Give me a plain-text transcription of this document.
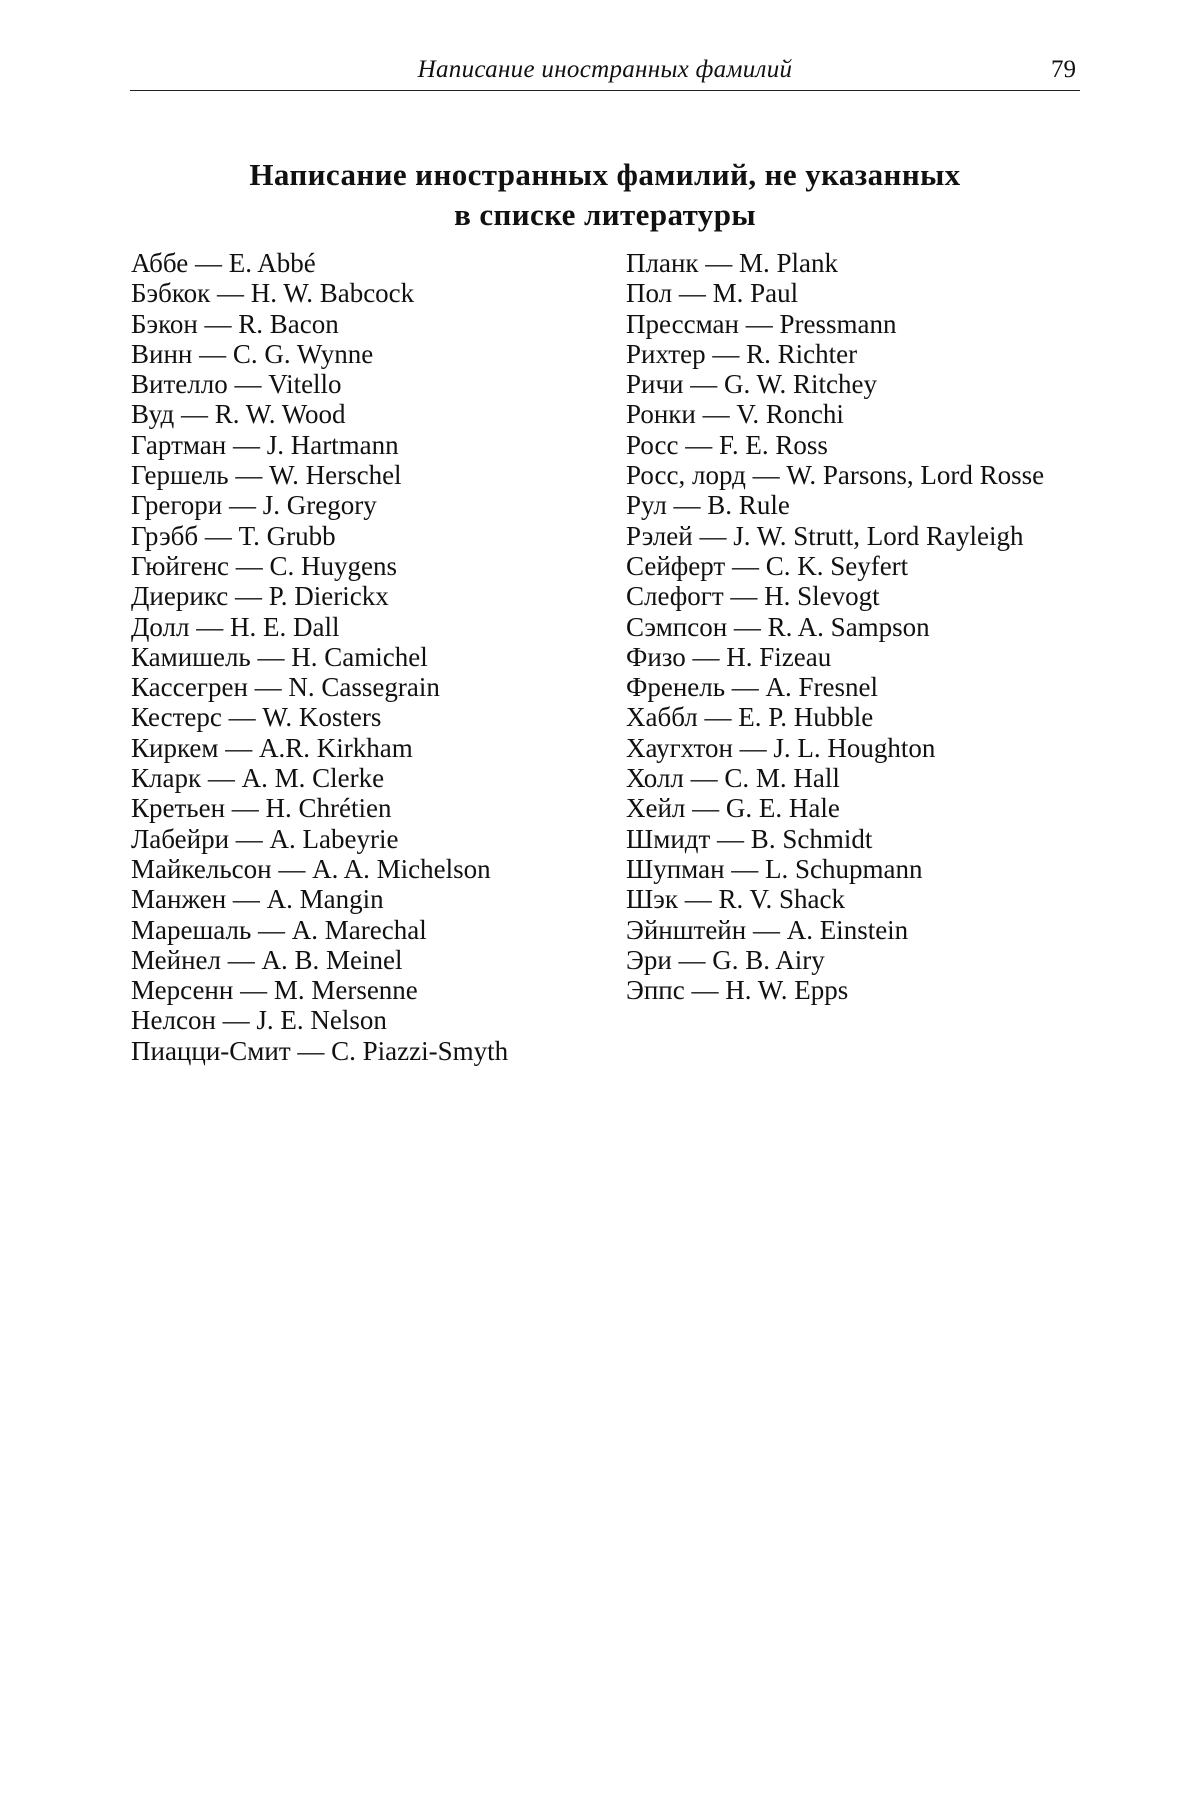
Написание иностранных фамилий	79
Написание иностранных фамилий, не указанных
в списке литературы
Аббе — E. Abbé
Бэбкок — H. W. Babcock
Бэкон — R. Bacon
Винн — C. G. Wynne
Вителло — Vitello
Вуд — R. W. Wood
Гартман — J. Hartmann
Гершель — W. Herschel
Грегори — J. Gregory
Грэбб — T. Grubb
Гюйгенс — C. Huygens
Диерикс — P. Dierickx
Долл — H. E. Dall
Камишель — H. Camichel
Кассегрен — N. Cassegrain
Кестерс — W. Kosters
Киркем — A.R. Kirkham
Кларк — A. M. Clerke
Кретьен — H. Chrétien
Лабейри — A. Labeyrie
Майкельсон — A. A. Michelson
Манжен — A. Mangin
Марешаль — A. Marechal
Мейнел — A. B. Meinel
Мерсенн — M. Mersenne
Нелсон — J. E. Nelson
Пиацци-Смит — C. Piazzi-Smyth
Планк — M. Plank
Пол — M. Paul
Прессман — Pressmann
Рихтер — R. Richter
Ричи — G. W. Ritchey
Ронки — V. Ronchi
Росс — F. E. Ross
Росс, лорд — W. Parsons, Lord Rosse
Рул — B. Rule
Рэлей — J. W. Strutt, Lord Rayleigh
Сейферт — C. K. Seyfert
Слефогт — H. Slevogt
Сэмпсон — R. A. Sampson
Физо — H. Fizeau
Френель — A. Fresnel
Хаббл — E. P. Hubble
Хаугхтон — J. L. Houghton
Холл — C. M. Hall
Хейл — G. E. Hale
Шмидт — B. Schmidt
Шупман — L. Schupmann
Шэк — R. V. Shack
Эйнштейн — A. Einstein
Эри — G. B. Airy
Эппс — H. W. Epps
